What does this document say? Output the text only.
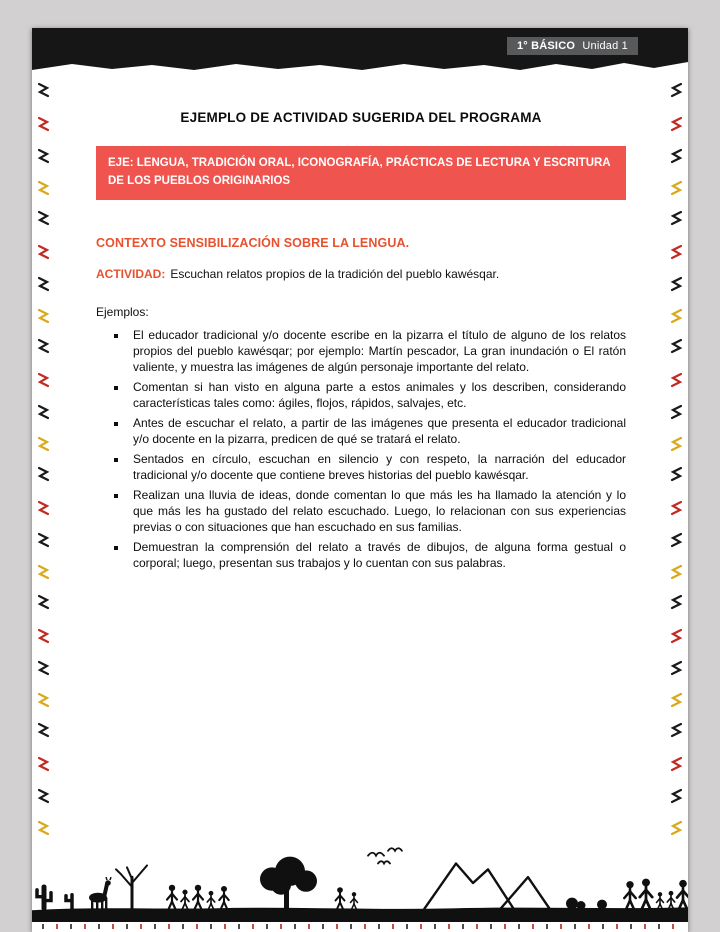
1° BÁSICO Unidad 1
EJEMPLO DE ACTIVIDAD SUGERIDA DEL PROGRAMA
EJE: LENGUA, TRADICIÓN ORAL, ICONOGRAFÍA, PRÁCTICAS DE LECTURA Y ESCRITURA DE LOS PUEBLOS ORIGINARIOS
CONTEXTO SENSIBILIZACIÓN SOBRE LA LENGUA.
ACTIVIDAD: Escuchan relatos propios de la tradición del pueblo kawésqar.
Ejemplos:
▪ El educador tradicional y/o docente escribe en la pizarra el título de alguno de los relatos propios del pueblo kawésqar; por ejemplo: Martín pescador, La gran inundación o El ratón valiente, y muestra las imágenes de algún personaje importante del relato.
▪ Comentan si han visto en alguna parte a estos animales y los describen, considerando características tales como: ágiles, flojos, rápidos, salvajes, etc.
▪ Antes de escuchar el relato, a partir de las imágenes que presenta el educador tradicional y/o docente en la pizarra, predicen de qué se tratará el relato.
▪ Sentados en círculo, escuchan en silencio y con respeto, la narración del educador tradicional y/o docente que contiene breves historias del pueblo kawésqar.
▪ Realizan una lluvia de ideas, donde comentan lo que más les ha llamado la atención y lo que más les ha gustado del relato escuchado. Luego, lo relacionan con sus experiencias previas o con situaciones que han escuchado en sus familias.
▪ Demuestran la comprensión del relato a través de dibujos, de alguna forma gestual o corporal; luego, presentan sus trabajos y lo cuentan con sus palabras.
